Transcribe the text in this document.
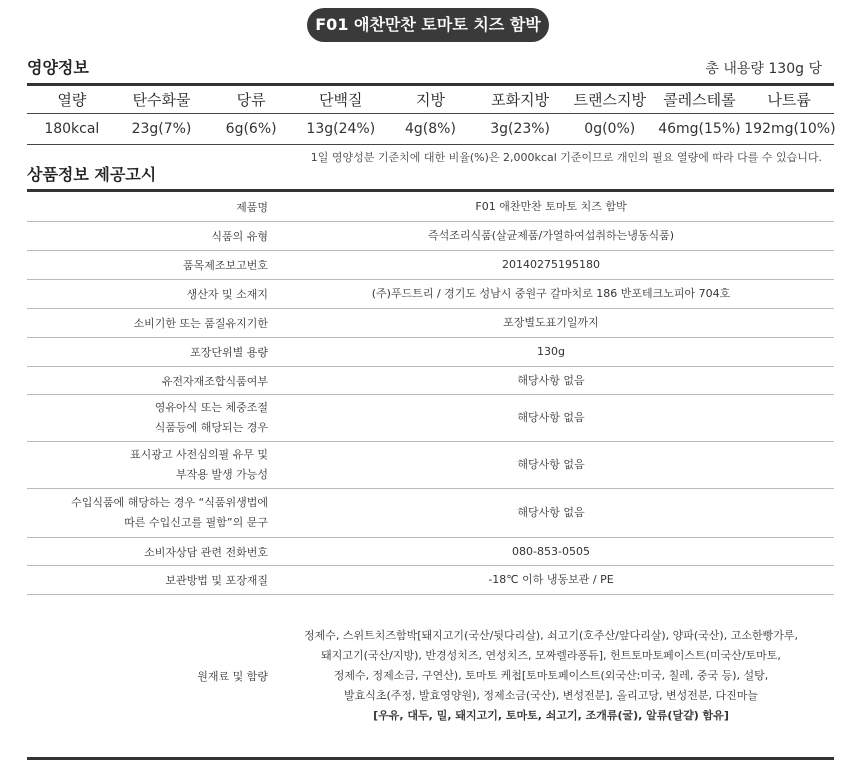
F01 애찬만찬 토마토 치즈 함박
영양정보	총 내용량 130g 당
열량	탄수화물	당류	단백질	지방	포화지방	트랜스지방	콜레스테롤	나트륨
180kcal	23g(7%)	6g(6%)	13g(24%)	4g(8%)	3g(23%)	0g(0%)	46mg(15%)	192mg(10%)
1일 영양성분 기준치에 대한 비율(%)은 2,000kcal 기준이므로 개인의 필요 열량에 따라 다를 수 있습니다.
상품정보 제공고시
제품명	F01 애찬만찬 토마토 치즈 함박
식품의 유형	즉석조리식품(살균제품/가열하여섭취하는냉동식품)
품목제조보고번호	20140275195180
생산자 및 소재지	(주)푸드트리 / 경기도 성남시 중원구 갈마치로 186 반포테크노피아 704호
소비기한 또는 품질유지기한	포장별도표기일까지
포장단위별 용량	130g
유전자재조합식품여부	해당사항 없음
영유아식 또는 체중조절
식품등에 해당되는 경우	해당사항 없음
표시광고 사전심의필 유무 및
부작용 발생 가능성	해당사항 없음
수입식품에 해당하는 경우 “식품위생법에
따른 수입신고를 필함”의 문구	해당사항 없음
소비자상담 관련 전화번호	080-853-0505
보관방법 및 포장재질	-18℃ 이하 냉동보관 / PE
원재료 및 함량	정제수, 스위트치즈함박[돼지고기(국산/뒷다리살), 쇠고기(호주산/앞다리살), 양파(국산), 고소한빵가루,
돼지고기(국산/지방), 반경성치즈, 연성치즈, 모짜렐라퐁듀], 헌트토마토페이스트(미국산/토마토,
정제수, 정제소금, 구연산), 토마토 케첩[토마토페이스트(외국산:미국, 칠레, 중국 등), 설탕,
발효식초(주정, 발효영양원), 정제소금(국산), 변성전분], 올리고당, 변성전분, 다진마늘
[우유, 대두, 밀, 돼지고기, 토마토, 쇠고기, 조개류(굴), 알류(달걀) 함유]
